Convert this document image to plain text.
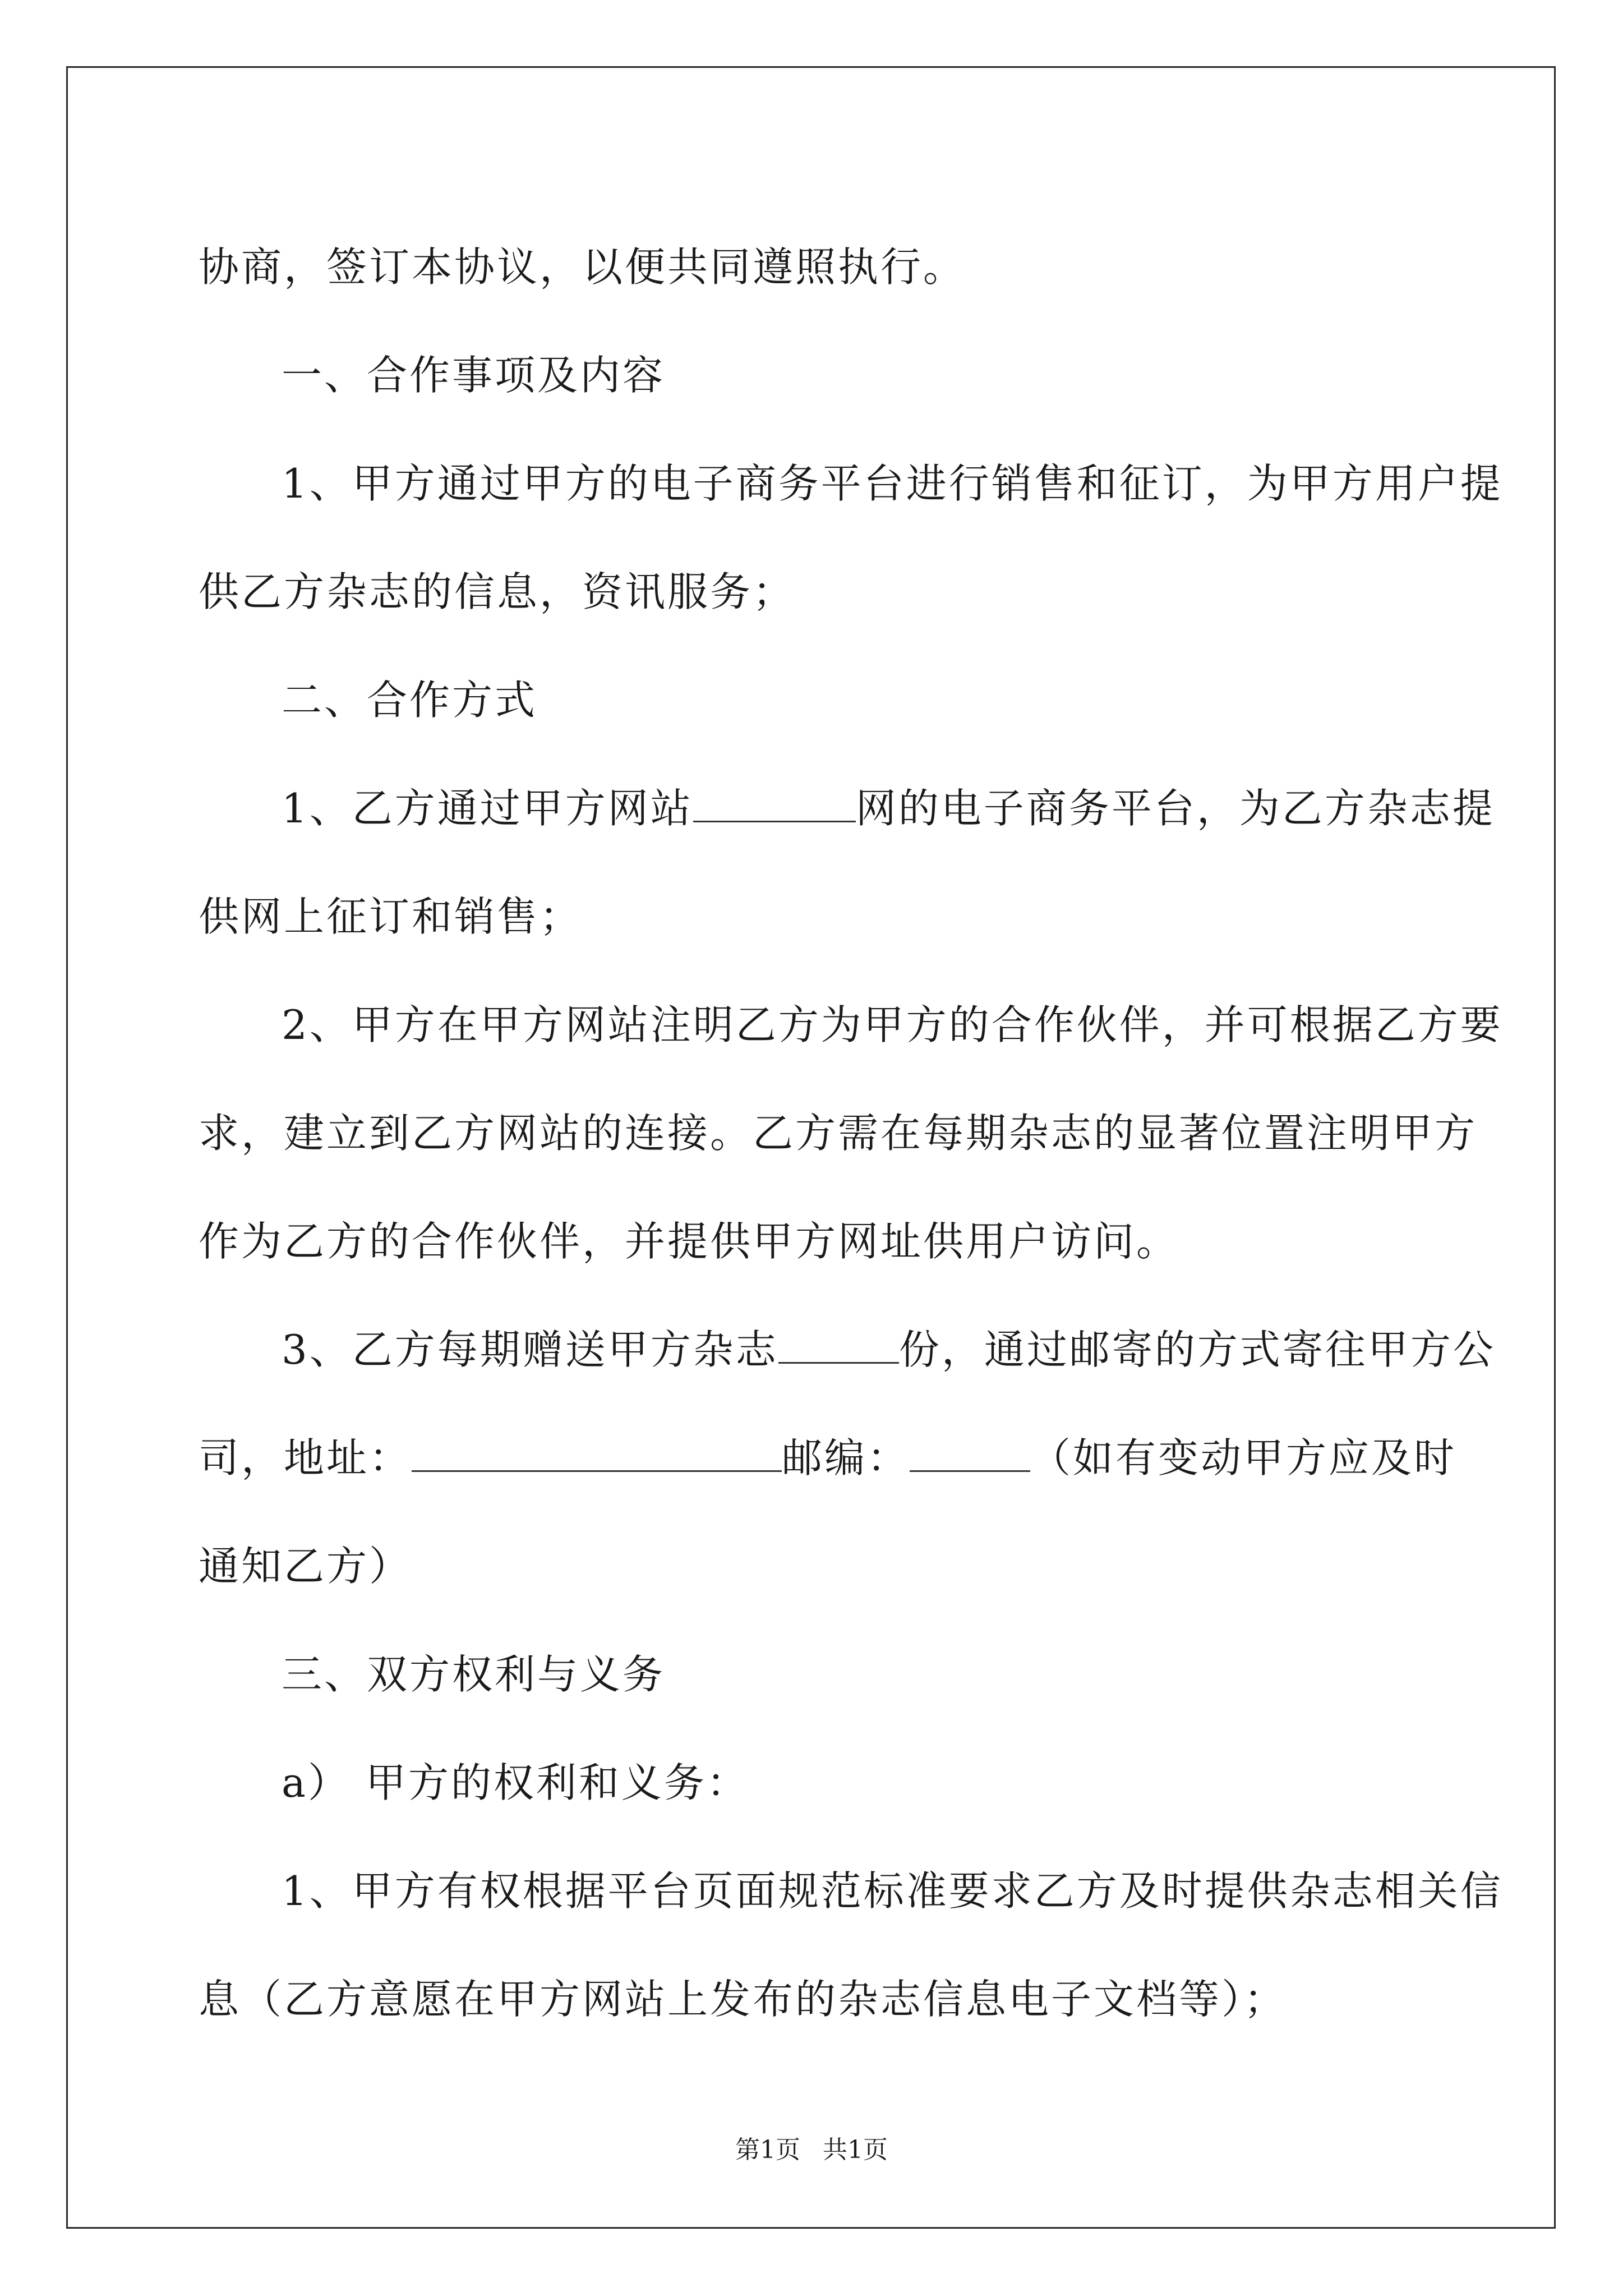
协商，签订本协议，以便共同遵照执行。

一、合作事项及内容

1、甲方通过甲方的电子商务平台进行销售和征订，为甲方用户提

供乙方杂志的信息，资讯服务；

二、合作方式

1、乙方通过甲方网站	网的电子商务平台，为乙方杂志提

供网上征订和销售；

2、甲方在甲方网站注明乙方为甲方的合作伙伴，并可根据乙方要

求，建立到乙方网站的连接。乙方需在每期杂志的显著位置注明甲方

作为乙方的合作伙伴，并提供甲方网址供用户访问。

3、乙方每期赠送甲方杂志	份，通过邮寄的方式寄往甲方公

司，地址：	邮编：	（如有变动甲方应及时

通知乙方）

三、双方权利与义务

a） 甲方的权利和义务：

1、甲方有权根据平台页面规范标准要求乙方及时提供杂志相关信

息（乙方意愿在甲方网站上发布的杂志信息电子文档等）；

第1页 共1页
